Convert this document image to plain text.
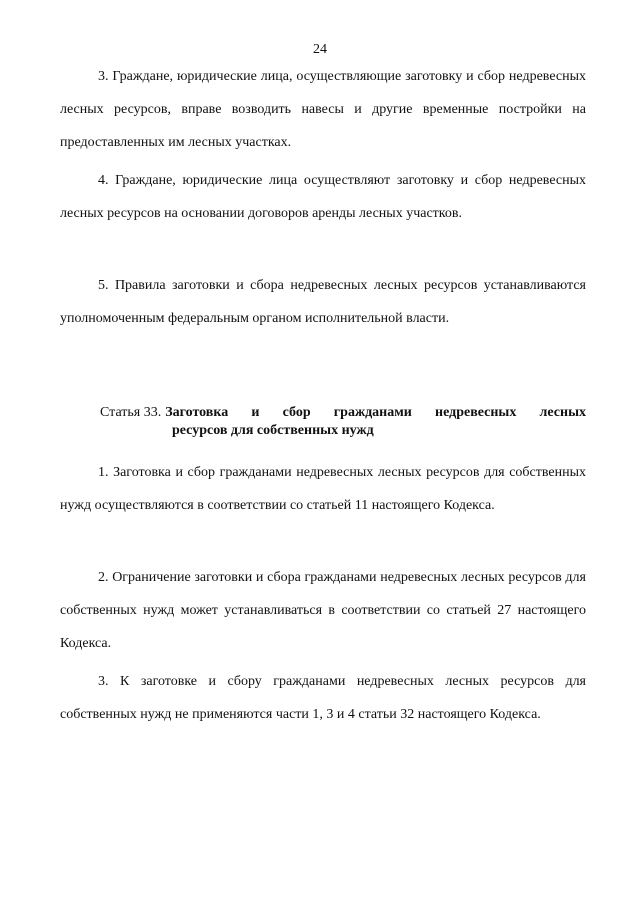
24

3. Граждане, юридические лица, осуществляющие заготовку и сбор недревесных лесных ресурсов, вправе возводить навесы и другие временные постройки на предоставленных им лесных участках.

4. Граждане, юридические лица осуществляют заготовку и сбор недревесных лесных ресурсов на основании договоров аренды лесных участков.

5. Правила заготовки и сбора недревесных лесных ресурсов устанавливаются уполномоченным федеральным органом исполнительной власти.

Статья 33. Заготовка и сбор гражданами недревесных лесных
ресурсов для собственных нужд

1. Заготовка и сбор гражданами недревесных лесных ресурсов для собственных нужд осуществляются в соответствии со статьей 11 настоящего Кодекса.

2. Ограничение заготовки и сбора гражданами недревесных лесных ресурсов для собственных нужд может устанавливаться в соответствии со статьей 27 настоящего Кодекса.

3. К заготовке и сбору гражданами недревесных лесных ресурсов для собственных нужд не применяются части 1, 3 и 4 статьи 32 настоящего Кодекса.
